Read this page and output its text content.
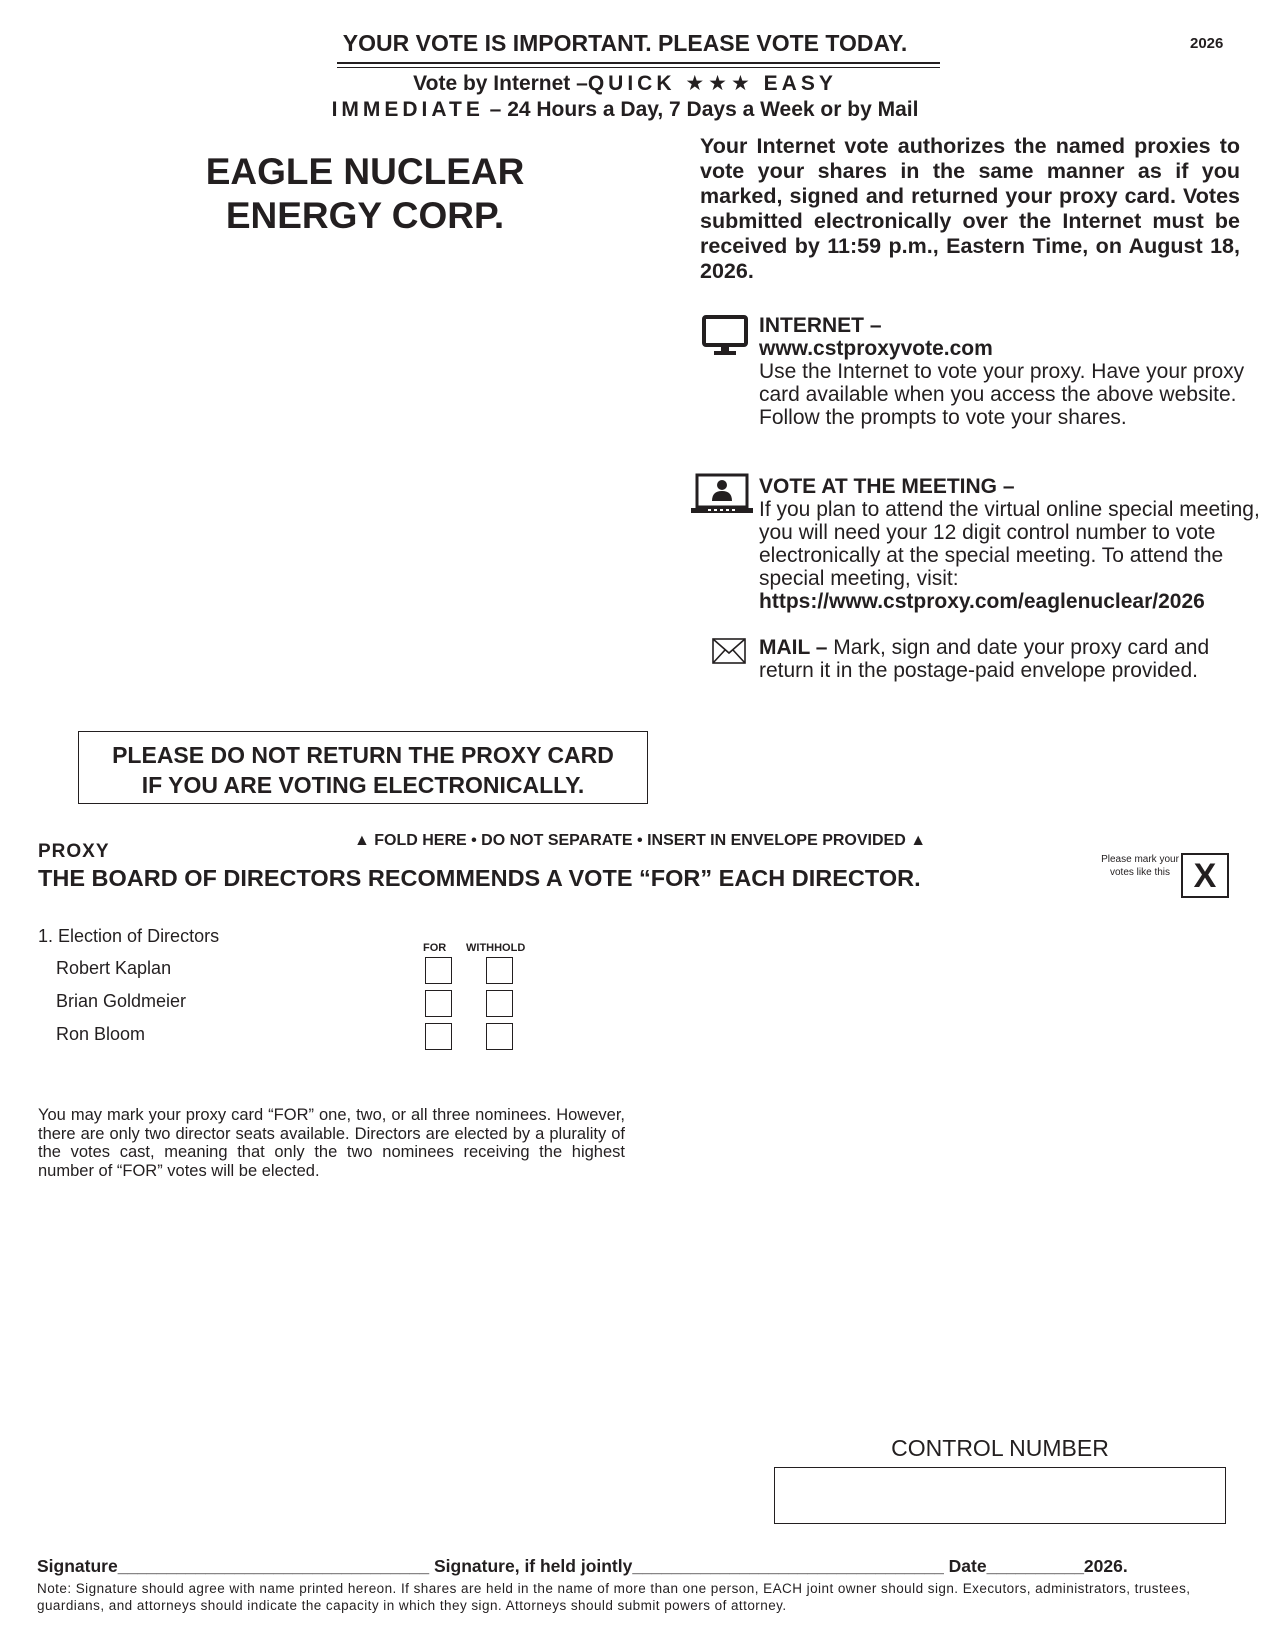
YOUR VOTE IS IMPORTANT. PLEASE VOTE TODAY.	2026
Vote by Internet –QUICK ★★★ EASY
IMMEDIATE – 24 Hours a Day, 7 Days a Week or by Mail
EAGLE NUCLEAR
ENERGY CORP.
Your Internet vote authorizes the named proxies to vote your shares in the same manner as if you marked, signed and returned your proxy card. Votes submitted electronically over the Internet must be received by 11:59 p.m., Eastern Time, on August 18, 2026.
INTERNET –
www.cstproxyvote.com
Use the Internet to vote your proxy. Have your proxy card available when you access the above website. Follow the prompts to vote your shares.
VOTE AT THE MEETING –
If you plan to attend the virtual online special meeting, you will need your 12 digit control number to vote electronically at the special meeting. To attend the special meeting, visit:
https://www.cstproxy.com/eaglenuclear/2026
MAIL – Mark, sign and date your proxy card and return it in the postage-paid envelope provided.
PLEASE DO NOT RETURN THE PROXY CARD
IF YOU ARE VOTING ELECTRONICALLY.
▲ FOLD HERE • DO NOT SEPARATE • INSERT IN ENVELOPE PROVIDED ▲
PROXY
THE BOARD OF DIRECTORS RECOMMENDS A VOTE “FOR” EACH DIRECTOR.
Please mark your votes like this X
1. Election of Directors
FOR WITHHOLD
Robert Kaplan
Brian Goldmeier
Ron Bloom
You may mark your proxy card “FOR” one, two, or all three nominees. However, there are only two director seats available. Directors are elected by a plurality of the votes cast, meaning that only the two nominees receiving the highest number of “FOR” votes will be elected.
CONTROL NUMBER
Signature________________________________ Signature, if held jointly________________________________ Date__________2026.
Note: Signature should agree with name printed hereon. If shares are held in the name of more than one person, EACH joint owner should sign. Executors, administrators, trustees, guardians, and attorneys should indicate the capacity in which they sign. Attorneys should submit powers of attorney.
